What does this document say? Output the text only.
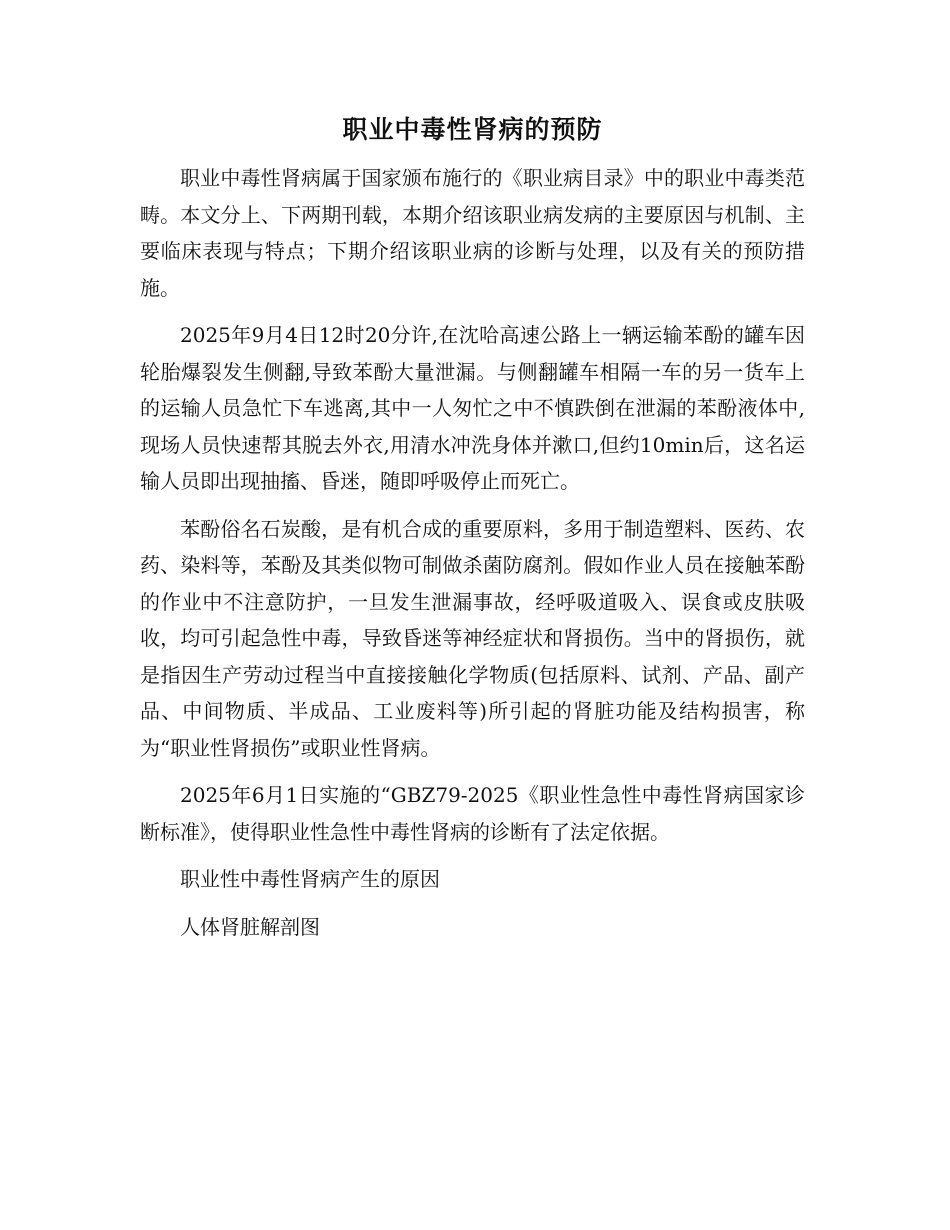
职业中毒性肾病的预防

职业中毒性肾病属于国家颁布施行的《职业病目录》中的职业中毒类范畴。本文分上、下两期刊载，本期介绍该职业病发病的主要原因与机制、主要临床表现与特点；下期介绍该职业病的诊断与处理，以及有关的预防措施。

2025年9月4日12时20分许,在沈哈高速公路上一辆运输苯酚的罐车因轮胎爆裂发生侧翻,导致苯酚大量泄漏。与侧翻罐车相隔一车的另一货车上的运输人员急忙下车逃离,其中一人匆忙之中不慎跌倒在泄漏的苯酚液体中,现场人员快速帮其脱去外衣,用清水冲洗身体并漱口,但约10min后，这名运输人员即出现抽搐、昏迷，随即呼吸停止而死亡。

苯酚俗名石炭酸，是有机合成的重要原料，多用于制造塑料、医药、农药、染料等，苯酚及其类似物可制做杀菌防腐剂。假如作业人员在接触苯酚的作业中不注意防护，一旦发生泄漏事故，经呼吸道吸入、误食或皮肤吸收，均可引起急性中毒，导致昏迷等神经症状和肾损伤。当中的肾损伤，就是指因生产劳动过程当中直接接触化学物质(包括原料、试剂、产品、副产品、中间物质、半成品、工业废料等)所引起的肾脏功能及结构损害，称为“职业性肾损伤”或职业性肾病。

2025年6月1日实施的“GBZ79-2025《职业性急性中毒性肾病国家诊断标准》，使得职业性急性中毒性肾病的诊断有了法定依据。

职业性中毒性肾病产生的原因

人体肾脏解剖图
